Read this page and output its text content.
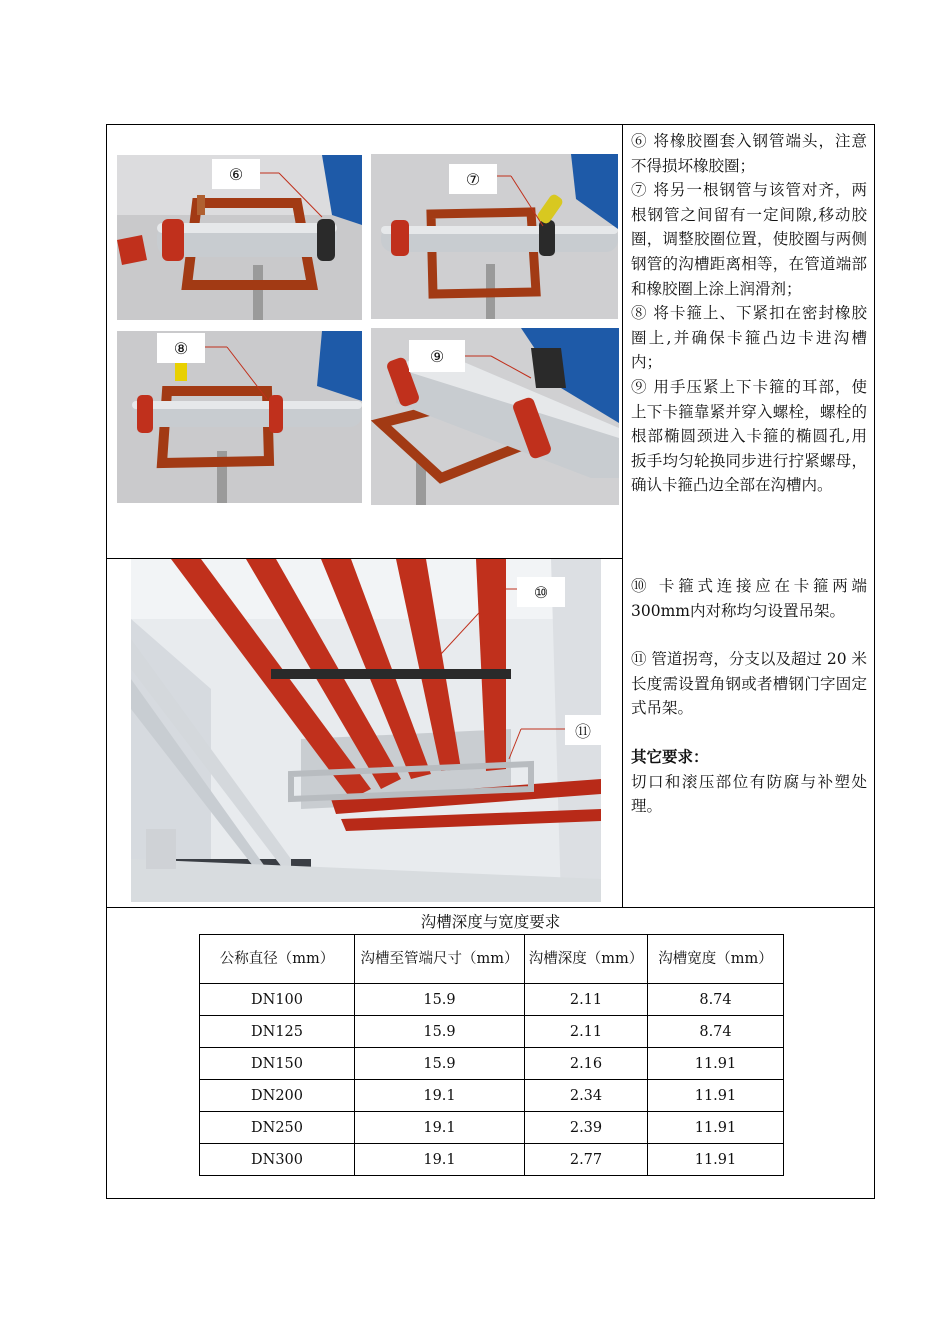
⑥	⑦
⑧	⑨
⑩
⑪

⑥ 将橡胶圈套入钢管端头，注意不得损坏橡胶圈；

⑦ 将另一根钢管与该管对齐，两根钢管之间留有一定间隙,移动胶圈，调整胶圈位置，使胶圈与两侧钢管的沟槽距离相等，在管道端部和橡胶圈上涂上润滑剂；

⑧ 将卡箍上、下紧扣在密封橡胶圈上,并确保卡箍凸边卡进沟槽内；

⑨ 用手压紧上下卡箍的耳部，使上下卡箍靠紧并穿入螺栓，螺栓的根部椭圆颈进入卡箍的椭圆孔,用扳手均匀轮换同步进行拧紧螺母，确认卡箍凸边全部在沟槽内。

⑩ 卡箍式连接应在卡箍两端300mm内对称均匀设置吊架。

⑪ 管道拐弯，分支以及超过 20 米长度需设置角钢或者槽钢门字固定式吊架。

其它要求：

切口和滚压部位有防腐与补塑处理。

沟槽深度与宽度要求
公称直径（mm）	沟槽至管端尺寸（mm）	沟槽深度（mm）	沟槽宽度（mm）
DN100	15.9	2.11	8.74
DN125	15.9	2.11	8.74
DN150	15.9	2.16	11.91
DN200	19.1	2.34	11.91
DN250	19.1	2.39	11.91
DN300	19.1	2.77	11.91
